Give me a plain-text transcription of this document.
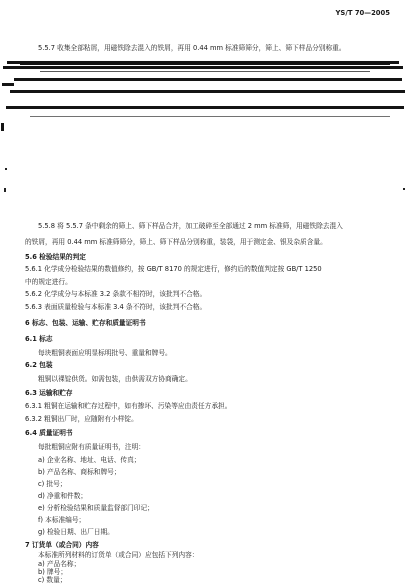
YS/T 70—2005
5.5.7 收集全部粘屑，用磁铁除去混入的铁屑，再用 0.44 mm 标准筛筛分，筛上、筛下样品分别称重。
5.5.8 将 5.5.7 条中剩余的筛上、筛下样品合并，加工破碎至全部通过 2 mm 标准筛，用磁铁除去混入
的铁屑，再用 0.44 mm 标准筛筛分，筛上、筛下样品分别称重，装袋，用于测定金、银及杂质含量。
5.6 检验结果的判定
5.6.1 化学成分检验结果的数值修约，按 GB/T 8170 的规定进行，修约后的数值判定按 GB/T 1250
中的规定进行。
5.6.2 化学成分与本标准 3.2 条款不相符时，该批判不合格。
5.6.3 表面质量检验与本标准 3.4 条不符时，该批判不合格。
6 标志、包装、运输、贮存和质量证明书
6.1 标志
每块粗铜表面应明显标明批号、重量和牌号。
6.2 包装
粗铜以裸锭供货。如需包装，由供需双方协商确定。
6.3 运输和贮存
6.3.1 粗铜在运输和贮存过程中，如有掺坏、污染等应由责任方承担。
6.3.2 粗铜出厂时，应随附有小样锭。
6.4 质量证明书
每批粗铜应附有质量证明书，注明：
a) 企业名称、地址、电话、传真；
b) 产品名称、商标和牌号；
c) 批号；
d) 净重和件数；
e) 分析检验结果和质量监督部门印记；
f) 本标准编号；
g) 检验日期、出厂日期。
7 订货单（或合同）内容
本标准所列材料的订货单（或合同）应包括下列内容：
a) 产品名称；
b) 牌号；
c) 数量；
